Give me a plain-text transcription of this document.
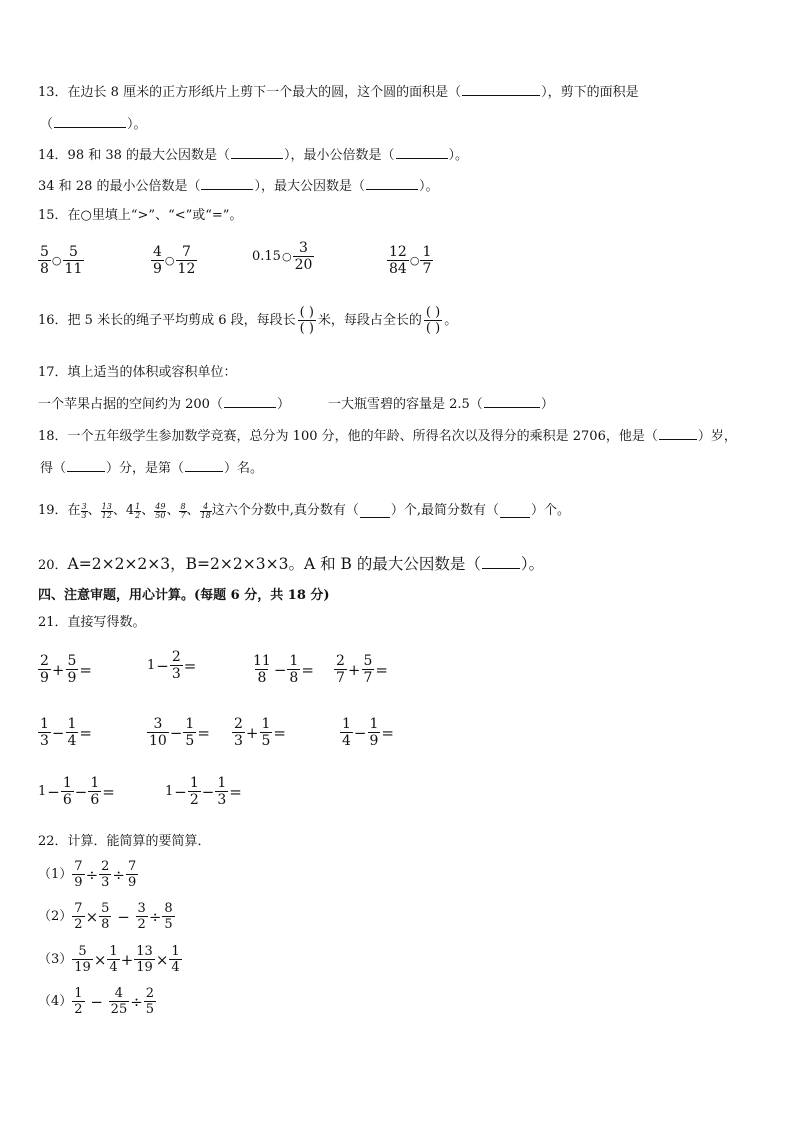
13．在边长 8 厘米的正方形纸片上剪下一个最大的圆，这个圆的面积是（	），剪下的面积是
（	）。
14．98 和 38 的最大公因数是（	），最小公倍数是（	）。
34 和 28 的最小公倍数是（	），最大公因数是（	）。
15．在○里填上“>”、“<”或“=”。
$\frac{5}{8}$ ○ $\frac{5}{11}$	$\frac{4}{9}$ ○ $\frac{7}{12}$	0.15 ○ $\frac{3}{20}$	$\frac{12}{84}$ ○ $\frac{1}{7}$
16．把 5 米长的绳子平均剪成 6 段，每段长 $\frac{( )}{( )}$ 米，每段占全长的 $\frac{( )}{( )}$ 。
17．填上适当的体积或容积单位：
一个苹果占据的空间约为 200（	）	一大瓶雪碧的容量是 2.5（	）
18．一个五年级学生参加数学竞赛，总分为 100 分，他的年龄、所得名次以及得分的乘积是 2706，他是（	）岁，
得（	）分，是第（	）名。
19．在 $\frac{3}{3}$ 、 $\frac{13}{12}$ 、 $4 \frac{1}{2}$ 、 $\frac{49}{50}$ 、 $\frac{8}{7}$ 、 $\frac{4}{18}$ 这六个分数中,真分数有（ ）个,最简分数有（ ）个。
20．A=2×2×2×3，B=2×2×3×3。A 和 B 的最大公因数是（	）。
四、注意审题，用心计算。(每题 6 分，共 18 分)
21．直接写得数。
$\frac{2}{9} + \frac{5}{9}$ =	$1 - \frac{2}{3}$ =	$\frac{11}{8} - \frac{1}{8} = \frac{2}{7} + \frac{5}{7}$ =
$\frac{1}{3} - \frac{1}{4}$ =	$\frac{3}{10} - \frac{1}{5} = \frac{2}{3} + \frac{1}{5}$ =	$\frac{1}{4} - \frac{1}{9}$ =
$1 - \frac{1}{6} - \frac{1}{6}$ =	$1 - \frac{1}{2} - \frac{1}{3}$ =
22．计算．能简算的要简算．
$(1) \frac{7}{9} \div \frac{2}{3} \div \frac{7}{9}$
$(2) \frac{7}{2} \times \frac{5}{8} - \frac{3}{2} \div \frac{8}{5}$
$(3) \frac{5}{19} \times \frac{1}{4} + \frac{13}{19} \times \frac{1}{4}$
$(4) \frac{1}{2} - \frac{4}{25} \div \frac{2}{5}$
